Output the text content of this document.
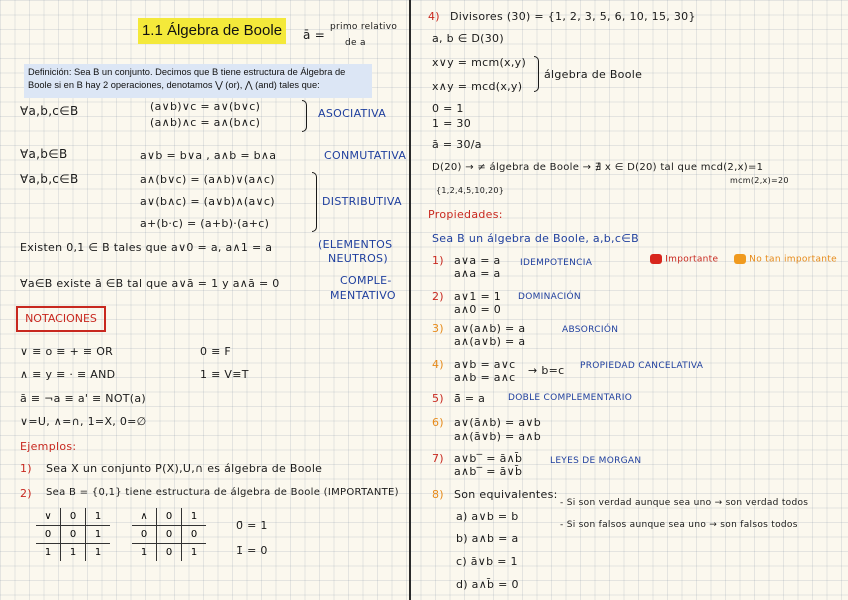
1.1 Álgebra de Boole	ā =
primo relativo
de a
Definición: Sea B un conjunto. Decimos que B tiene estructura de Álgebra de
Boole si en B hay 2 operaciones, denotamos ⋁ (or), ⋀ (and) tales que:
∀a,b,c∈B	(a∨b)∨c = a∨(b∨c)
(a∧b)∧c = a∧(b∧c)
ASOCIATIVA
∀a,b∈B	a∨b = b∨a , a∧b = b∧a	CONMUTATIVA
∀a,b,c∈B	a∧(b∨c) = (a∧b)∨(a∧c)
a∨(b∧c) = (a∨b)∧(a∨c)
a+(b·c) = (a+b)·(a+c)
DISTRIBUTIVA
Existen 0,1 ∈ B tales que a∨0 = a, a∧1 = a	(ELEMENTOS
NEUTROS)
∀a∈B existe ā ∈B tal que a∨ā = 1 y a∧ā = 0	COMPLE-
MENTATIVO
NOTACIONES
∨ ≡ o ≡ + ≡ OR
∧ ≡ y ≡ · ≡ AND
ā ≡ ¬a ≡ a' ≡ NOT(a)
∨=U, ∧=∩, 1=X, 0=∅
0 ≡ F
1 ≡ V≡T
Ejemplos:
1) Sea X un conjunto P(X),U,∩ es álgebra de Boole
2) Sea B = {0,1} tiene estructura de álgebra de Boole (IMPORTANTE)
∨	0	1
0	0	1
1	1	1
∧	0	1
0	0	0
1	0	1
0̄ = 1
1̄ = 0
4) Divisores (30) = {1, 2, 3, 5, 6, 10, 15, 30}
a, b ∈ D(30)
x∨y = mcm(x,y)
x∧y = mcd(x,y)
álgebra de Boole
0 = 1
1 = 30
ā = 30/a
D(20) → ≠ álgebra de Boole → ∄ x ∈ D(20) tal que mcd(2,x)=1
mcm(2,x)=20
{1,2,4,5,10,20}
Propiedades:
Sea B un álgebra de Boole, a,b,c∈B
Importante	No tan importante
1) a∨a = a
a∧a = a
IDEMPOTENCIA
2) a∨1 = 1
a∧0 = 0
DOMINACIÓN
3) a∨(a∧b) = a
a∧(a∨b) = a
ABSORCIÓN
4) a∨b = a∨c
a∧b = a∧c
→ b=c PROPIEDAD CANCELATIVA
5) ā̄ = a	DOBLE COMPLEMENTARIO
6) a∨(ā∧b) = a∨b
a∧(ā∨b) = a∧b
7) a∨b‾ = ā∧b̄
a∧b‾ = ā∨b̄
LEYES DE MORGAN
8) Son equivalentes:
a) a∨b = b
b) a∧b = a
c) ā∨b = 1
d) a∧b̄ = 0
- Si son verdad aunque sea uno → son verdad todos
- Si son falsos aunque sea uno → son falsos todos
